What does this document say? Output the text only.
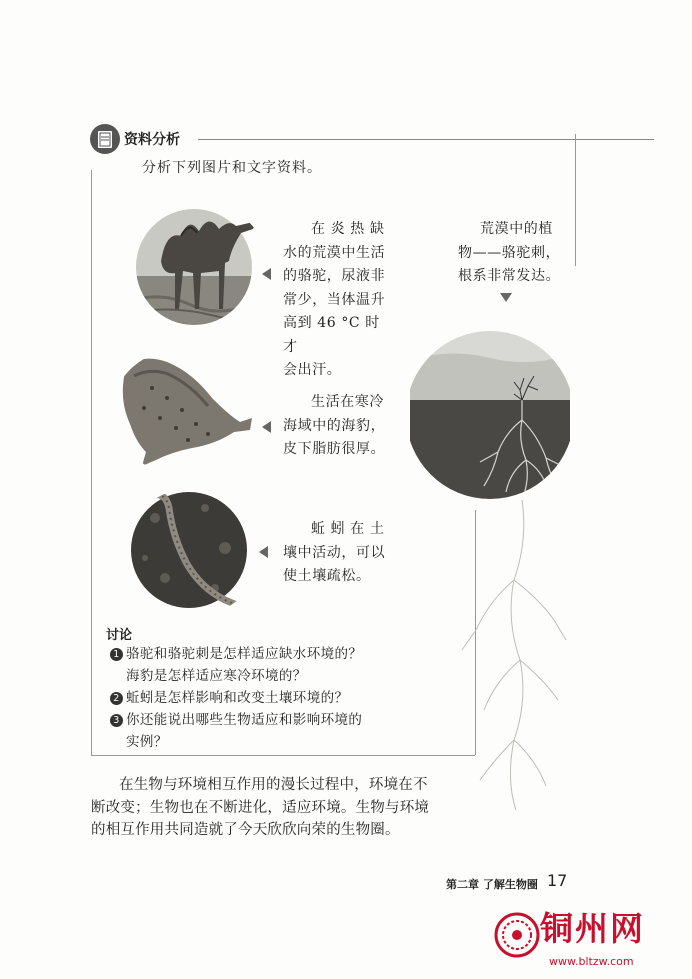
资料分析
分析下列图片和文字资料。
在 炎 热 缺
水的荒漠中生活
的骆驼，尿液非
常少，当体温升
高到 46 °C 时才
会出汗。
生活在寒冷
海域中的海豹，
皮下脂肪很厚。
蚯 蚓 在 土
壤中活动，可以
使土壤疏松。
荒漠中的植
物——骆驼刺，
根系非常发达。
讨论
1 骆驼和骆驼刺是怎样适应缺水环境的？
海豹是怎样适应寒冷环境的？
2 蚯蚓是怎样影响和改变土壤环境的？
3 你还能说出哪些生物适应和影响环境的
实例？
在生物与环境相互作用的漫长过程中，环境在不
断改变；生物也在不断进化，适应环境。生物与环境
的相互作用共同造就了今天欣欣向荣的生物圈。
第二章 了解生物圈 17
铜州网
www.bltzw.com
